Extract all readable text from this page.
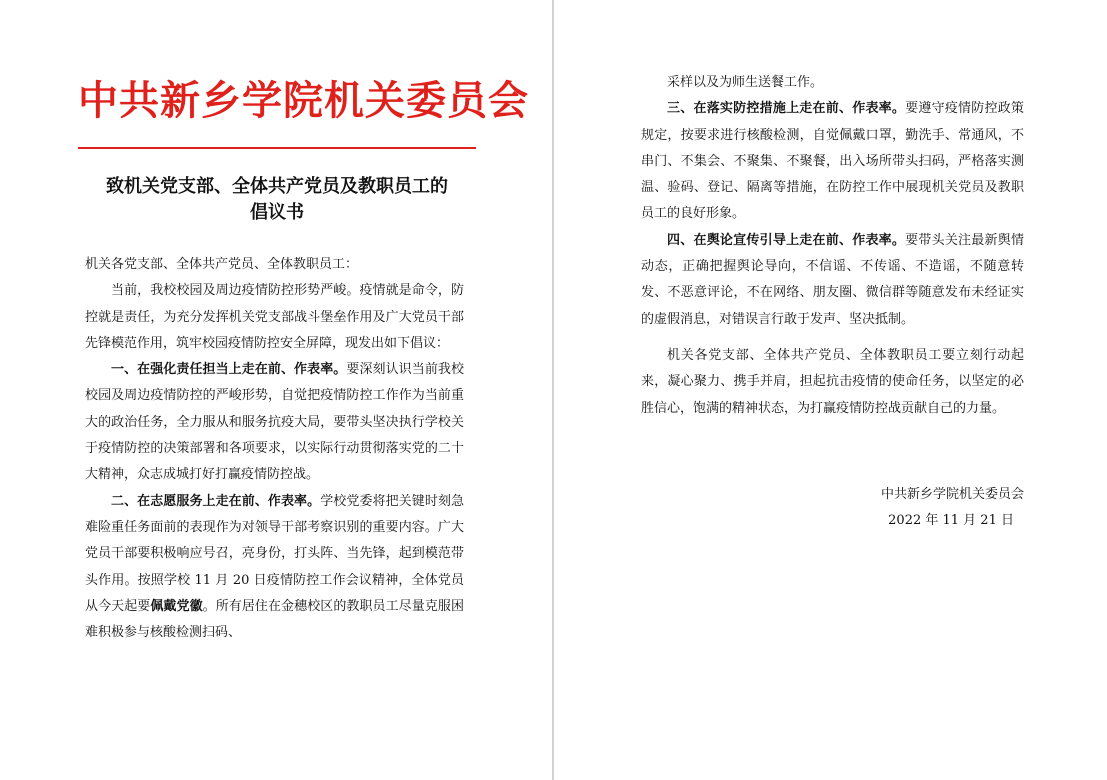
中共新乡学院机关委员会
致机关党支部、全体共产党员及教职员工的
倡议书

机关各党支部、全体共产党员、全体教职员工：

当前，我校校园及周边疫情防控形势严峻。疫情就是命令，防控就是责任，为充分发挥机关党支部战斗堡垒作用及广大党员干部先锋模范作用，筑牢校园疫情防控安全屏障，现发出如下倡议：

一、在强化责任担当上走在前、作表率。要深刻认识当前我校校园及周边疫情防控的严峻形势，自觉把疫情防控工作作为当前重大的政治任务，全力服从和服务抗疫大局，要带头坚决执行学校关于疫情防控的决策部署和各项要求，以实际行动贯彻落实党的二十大精神，众志成城打好打赢疫情防控战。

二、在志愿服务上走在前、作表率。学校党委将把关键时刻急难险重任务面前的表现作为对领导干部考察识别的重要内容。广大党员干部要积极响应号召，亮身份，打头阵、当先锋，起到模范带头作用。按照学校 11 月 20 日疫情防控工作会议精神，全体党员从今天起要佩戴党徽。所有居住在金穗校区的教职员工尽量克服困难积极参与核酸检测扫码、

采样以及为师生送餐工作。

三、在落实防控措施上走在前、作表率。要遵守疫情防控政策规定，按要求进行核酸检测，自觉佩戴口罩，勤洗手、常通风，不串门、不集会、不聚集、不聚餐，出入场所带头扫码，严格落实测温、验码、登记、隔离等措施，在防控工作中展现机关党员及教职员工的良好形象。

四、在舆论宣传引导上走在前、作表率。要带头关注最新舆情动态，正确把握舆论导向，不信谣、不传谣、不造谣，不随意转发、不恶意评论，不在网络、朋友圈、微信群等随意发布未经证实的虚假消息，对错误言行敢于发声、坚决抵制。

机关各党支部、全体共产党员、全体教职员工要立刻行动起来，凝心聚力、携手并肩，担起抗击疫情的使命任务，以坚定的必胜信心，饱满的精神状态，为打赢疫情防控战贡献自己的力量。

中共新乡学院机关委员会
2022 年 11 月 21 日
